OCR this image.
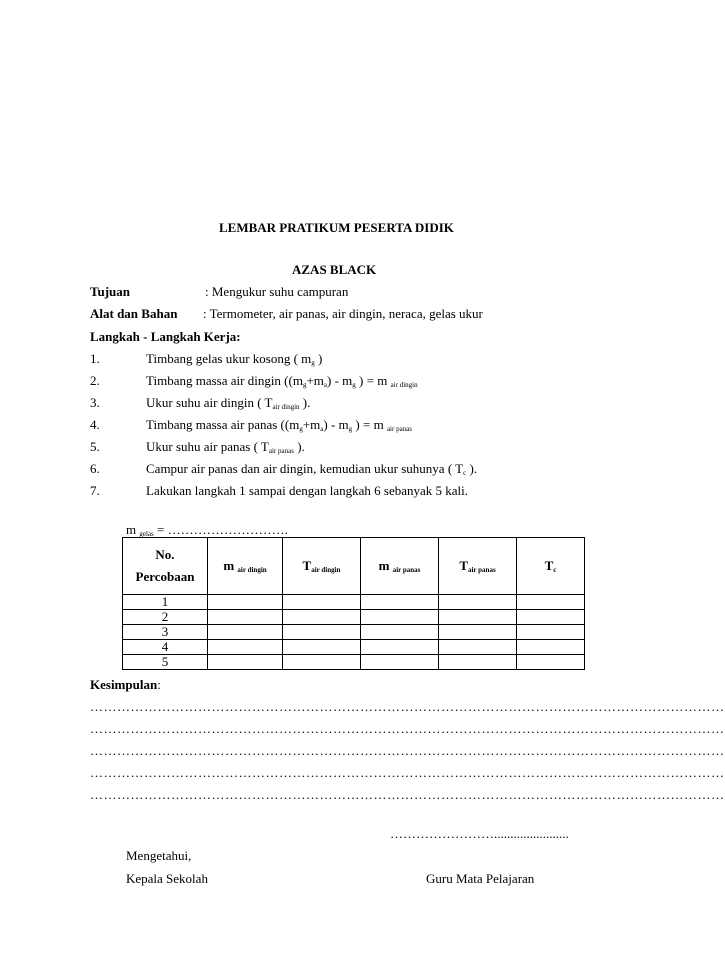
LEMBAR PRATIKUM PESERTA DIDIK
AZAS BLACK
Tujuan	: Mengukur suhu campuran
Alat dan Bahan : Termometer, air panas, air dingin, neraca, gelas ukur
Langkah - Langkah Kerja:
1.	Timbang gelas ukur kosong ( $m_g$ )
2.	Timbang massa air dingin ($(m_g+m_a) - m_g$ ) = m $_{air dingin}$
3.	Ukur suhu air dingin ( $T_{air dingin}$ ).
4.	Timbang massa air panas ($(m_g+m_a) - m_g$ ) = m $_{air panas}$
5.	Ukur suhu air panas ( $T_{air panas}$ ).
6.	Campur air panas dan air dingin, kemudian ukur suhunya ( $T_c$ ).
7.	Lakukan langkah 1 sampai dengan langkah 6 sebanyak 5 kali.
m $_{gelas}$ = ……………………….
No.
Percobaan	m $_{air dingin}$	$T_{air dingin}$	m $_{air panas}$	$T_{air panas}$	$T_c$
1					
2					
3					
4					
5					
Kesimpulan:
……………………………………………………………………………………………………………………………
……………………………………………………………………………………………………………………………
……………………………………………………………………………………………………………………………
……………………………………………………………………………………………………………………………
……………………………………………………………………………………………………………………………
…………………….......................
Mengetahui,
Kepala Sekolah	Guru Mata Pelajaran
